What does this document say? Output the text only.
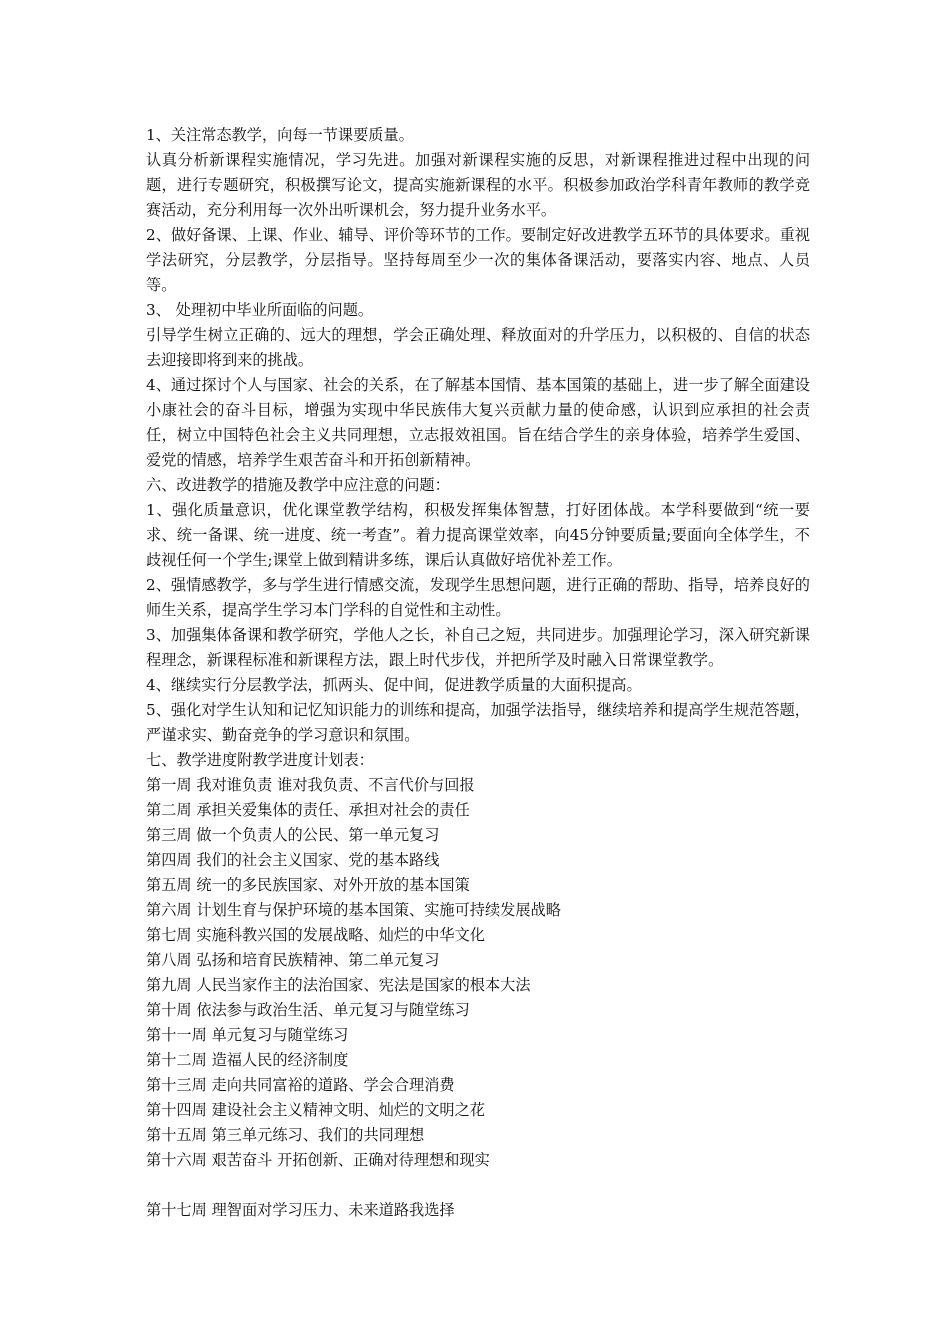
1、关注常态教学，向每一节课要质量。

认真分析新课程实施情况，学习先进。加强对新课程实施的反思，对新课程推进过程中出现的问题，进行专题研究，积极撰写论文，提高实施新课程的水平。积极参加政治学科青年教师的教学竞赛活动，充分利用每一次外出听课机会，努力提升业务水平。

2、做好备课、上课、作业、辅导、评价等环节的工作。要制定好改进教学五环节的具体要求。重视学法研究，分层教学，分层指导。坚持每周至少一次的集体备课活动，要落实内容、地点、人员等。

3、 处理初中毕业所面临的问题。

引导学生树立正确的、远大的理想，学会正确处理、释放面对的升学压力，以积极的、自信的状态去迎接即将到来的挑战。

4、通过探讨个人与国家、社会的关系，在了解基本国情、基本国策的基础上，进一步了解全面建设小康社会的奋斗目标，增强为实现中华民族伟大复兴贡献力量的使命感，认识到应承担的社会责任，树立中国特色社会主义共同理想，立志报效祖国。旨在结合学生的亲身体验，培养学生爱国、爱党的情感，培养学生艰苦奋斗和开拓创新精神。

六、改进教学的措施及教学中应注意的问题：

1、强化质量意识，优化课堂教学结构，积极发挥集体智慧，打好团体战。本学科要做到“统一要求、统一备课、统一进度、统一考查”。着力提高课堂效率，向45分钟要质量;要面向全体学生，不歧视任何一个学生;课堂上做到精讲多练，课后认真做好培优补差工作。

2、强情感教学，多与学生进行情感交流，发现学生思想问题，进行正确的帮助、指导，培养良好的师生关系，提高学生学习本门学科的自觉性和主动性。

3、加强集体备课和教学研究，学他人之长，补自己之短，共同进步。加强理论学习，深入研究新课程理念，新课程标准和新课程方法，跟上时代步伐，并把所学及时融入日常课堂教学。

4、继续实行分层教学法，抓两头、促中间，促进教学质量的大面积提高。

5、强化对学生认知和记忆知识能力的训练和提高，加强学法指导，继续培养和提高学生规范答题，严谨求实、勤奋竞争的学习意识和氛围。

七、教学进度附教学进度计划表：

第一周 我对谁负责 谁对我负责、不言代价与回报

第二周 承担关爱集体的责任、承担对社会的责任

第三周 做一个负责人的公民、第一单元复习

第四周 我们的社会主义国家、党的基本路线

第五周 统一的多民族国家、对外开放的基本国策

第六周 计划生育与保护环境的基本国策、实施可持续发展战略

第七周 实施科教兴国的发展战略、灿烂的中华文化

第八周 弘扬和培育民族精神、第二单元复习

第九周 人民当家作主的法治国家、宪法是国家的根本大法

第十周 依法参与政治生活、单元复习与随堂练习

第十一周 单元复习与随堂练习

第十二周 造福人民的经济制度

第十三周 走向共同富裕的道路、学会合理消费

第十四周 建设社会主义精神文明、灿烂的文明之花

第十五周 第三单元练习、我们的共同理想

第十六周 艰苦奋斗 开拓创新、正确对待理想和现实

第十七周 理智面对学习压力、未来道路我选择
